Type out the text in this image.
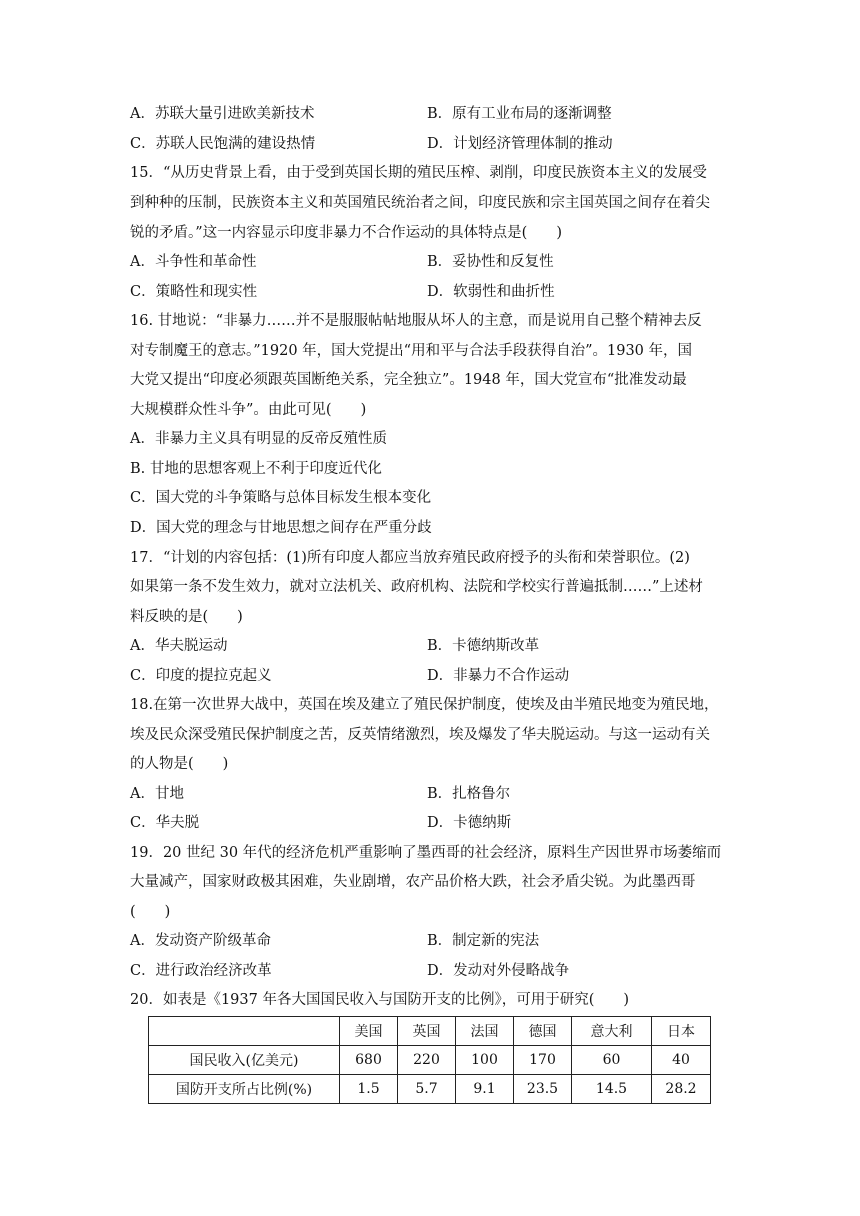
A．苏联大量引进欧美新技术	B．原有工业布局的逐渐调整
C．苏联人民饱满的建设热情	D．计划经济管理体制的推动
15．“从历史背景上看，由于受到英国长期的殖民压榨、剥削，印度民族资本主义的发展受
到种种的压制，民族资本主义和英国殖民统治者之间，印度民族和宗主国英国之间存在着尖
锐的矛盾。”这一内容显示印度非暴力不合作运动的具体特点是(　　)
A．斗争性和革命性	B．妥协性和反复性
C．策略性和现实性	D．软弱性和曲折性
16. 甘地说：“非暴力……并不是服服帖帖地服从坏人的主意，而是说用自己整个精神去反
对专制魔王的意志。”1920 年，国大党提出“用和平与合法手段获得自治”。1930 年，国
大党又提出“印度必须跟英国断绝关系，完全独立”。1948 年，国大党宣布“批准发动最
大规模群众性斗争”。由此可见(　　)
A．非暴力主义具有明显的反帝反殖性质
B. 甘地的思想客观上不利于印度近代化
C．国大党的斗争策略与总体目标发生根本变化
D．国大党的理念与甘地思想之间存在严重分歧
17．“计划的内容包括：(1)所有印度人都应当放弃殖民政府授予的头衔和荣誉职位。(2)
如果第一条不发生效力，就对立法机关、政府机构、法院和学校实行普遍抵制……”上述材
料反映的是(　　)
A．华夫脱运动	B．卡德纳斯改革
C．印度的提拉克起义	D．非暴力不合作运动
18.在第一次世界大战中，英国在埃及建立了殖民保护制度，使埃及由半殖民地变为殖民地，
埃及民众深受殖民保护制度之苦，反英情绪激烈，埃及爆发了华夫脱运动。与这一运动有关
的人物是(　　)
A．甘地	B．扎格鲁尔
C．华夫脱	D．卡德纳斯
19．20 世纪 30 年代的经济危机严重影响了墨西哥的社会经济，原料生产因世界市场萎缩而
大量减产，国家财政极其困难，失业剧增，农产品价格大跌，社会矛盾尖锐。为此墨西哥
(　　)
A．发动资产阶级革命	B．制定新的宪法
C．进行政治经济改革	D．发动对外侵略战争
20．如表是《1937 年各大国国民收入与国防开支的比例》，可用于研究(　　)
	美国	英国	法国	德国	意大利	日本
国民收入(亿美元)	680	220	100	170	60	40
国防开支所占比例(%)	1.5	5.7	9.1	23.5	14.5	28.2
